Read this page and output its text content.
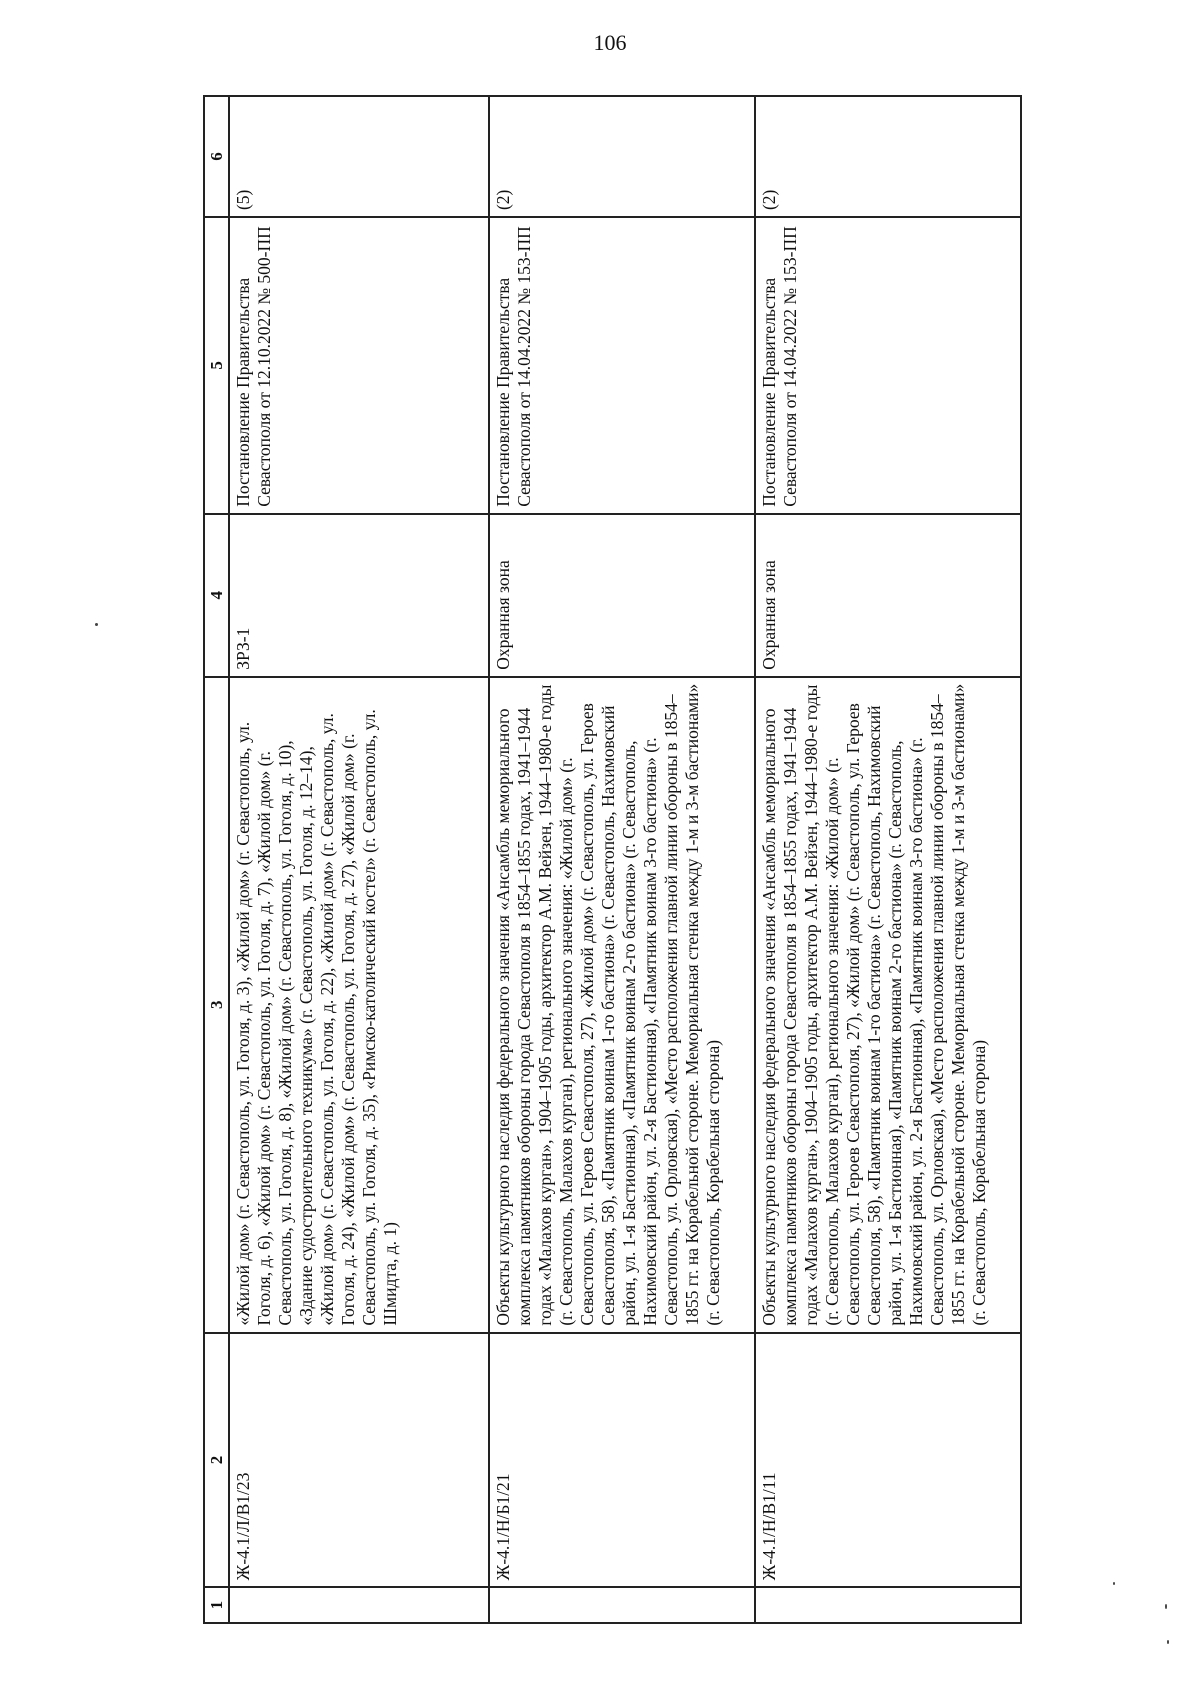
106
1	2	3	4	5	6
	Ж-4.1/Л/В1/23	«Жилой дом» (г. Севастополь, ул. Гоголя, д. 3), «Жилой дом» (г. Севастополь, ул. Гоголя, д. 6), «Жилой дом» (г. Севастополь, ул. Гоголя, д. 7), «Жилой дом» (г. Севастополь, ул. Гоголя, д. 8), «Жилой дом» (г. Севастополь, ул. Гоголя, д. 10), «Здание судостроительного техникума» (г. Севастополь, ул. Гоголя, д. 12–14), «Жилой дом» (г. Севастополь, ул. Гоголя, д. 22), «Жилой дом» (г. Севастополь, ул. Гоголя, д. 24), «Жилой дом» (г. Севастополь, ул. Гоголя, д. 27), «Жилой дом» (г. Севастополь, ул. Гоголя, д. 35), «Римско-католический костел» (г. Севастополь, ул. Шмидта, д. 1)	ЗРЗ-1	Постановление Правительства Севастополя от 12.10.2022 № 500-ПП	(5)
	Ж-4.1/Н/Б1/21	Объекты культурного наследия федерального значения «Ансамбль мемориального комплекса памятников обороны города Севастополя в 1854–1855 годах, 1941–1944 годах «Малахов курган», 1904–1905 годы, архитектор А.М. Вейзен, 1944–1980-е годы (г. Севастополь, Малахов курган), регионального значения: «Жилой дом» (г. Севастополь, ул. Героев Севастополя, 27), «Жилой дом» (г. Севастополь, ул. Героев Севастополя, 58), «Памятник воинам 1-го бастиона» (г. Севастополь, Нахимовский район, ул. 1-я Бастионная), «Памятник воинам 2-го бастиона» (г. Севастополь, Нахимовский район, ул. 2-я Бастионная), «Памятник воинам 3-го бастиона» (г. Севастополь, ул. Орловская), «Место расположения главной линии обороны в 1854–1855 гг. на Корабельной стороне. Мемориальная стенка между 1-м и 3-м бастионами» (г. Севастополь, Корабельная сторона)	Охранная зона	Постановление Правительства Севастополя от 14.04.2022 № 153-ПП	(2)
	Ж-4.1/Н/В1/11	Объекты культурного наследия федерального значения «Ансамбль мемориального комплекса памятников обороны города Севастополя в 1854–1855 годах, 1941–1944 годах «Малахов курган», 1904–1905 годы, архитектор А.М. Вейзен, 1944–1980-е годы (г. Севастополь, Малахов курган), регионального значения: «Жилой дом» (г. Севастополь, ул. Героев Севастополя, 27), «Жилой дом» (г. Севастополь, ул. Героев Севастополя, 58), «Памятник воинам 1-го бастиона» (г. Севастополь, Нахимовский район, ул. 1-я Бастионная), «Памятник воинам 2-го бастиона» (г. Севастополь, Нахимовский район, ул. 2-я Бастионная), «Памятник воинам 3-го бастиона» (г. Севастополь, ул. Орловская), «Место расположения главной линии обороны в 1854–1855 гг. на Корабельной стороне. Мемориальная стенка между 1-м и 3-м бастионами» (г. Севастополь, Корабельная сторона)	Охранная зона	Постановление Правительства Севастополя от 14.04.2022 № 153-ПП	(2)
